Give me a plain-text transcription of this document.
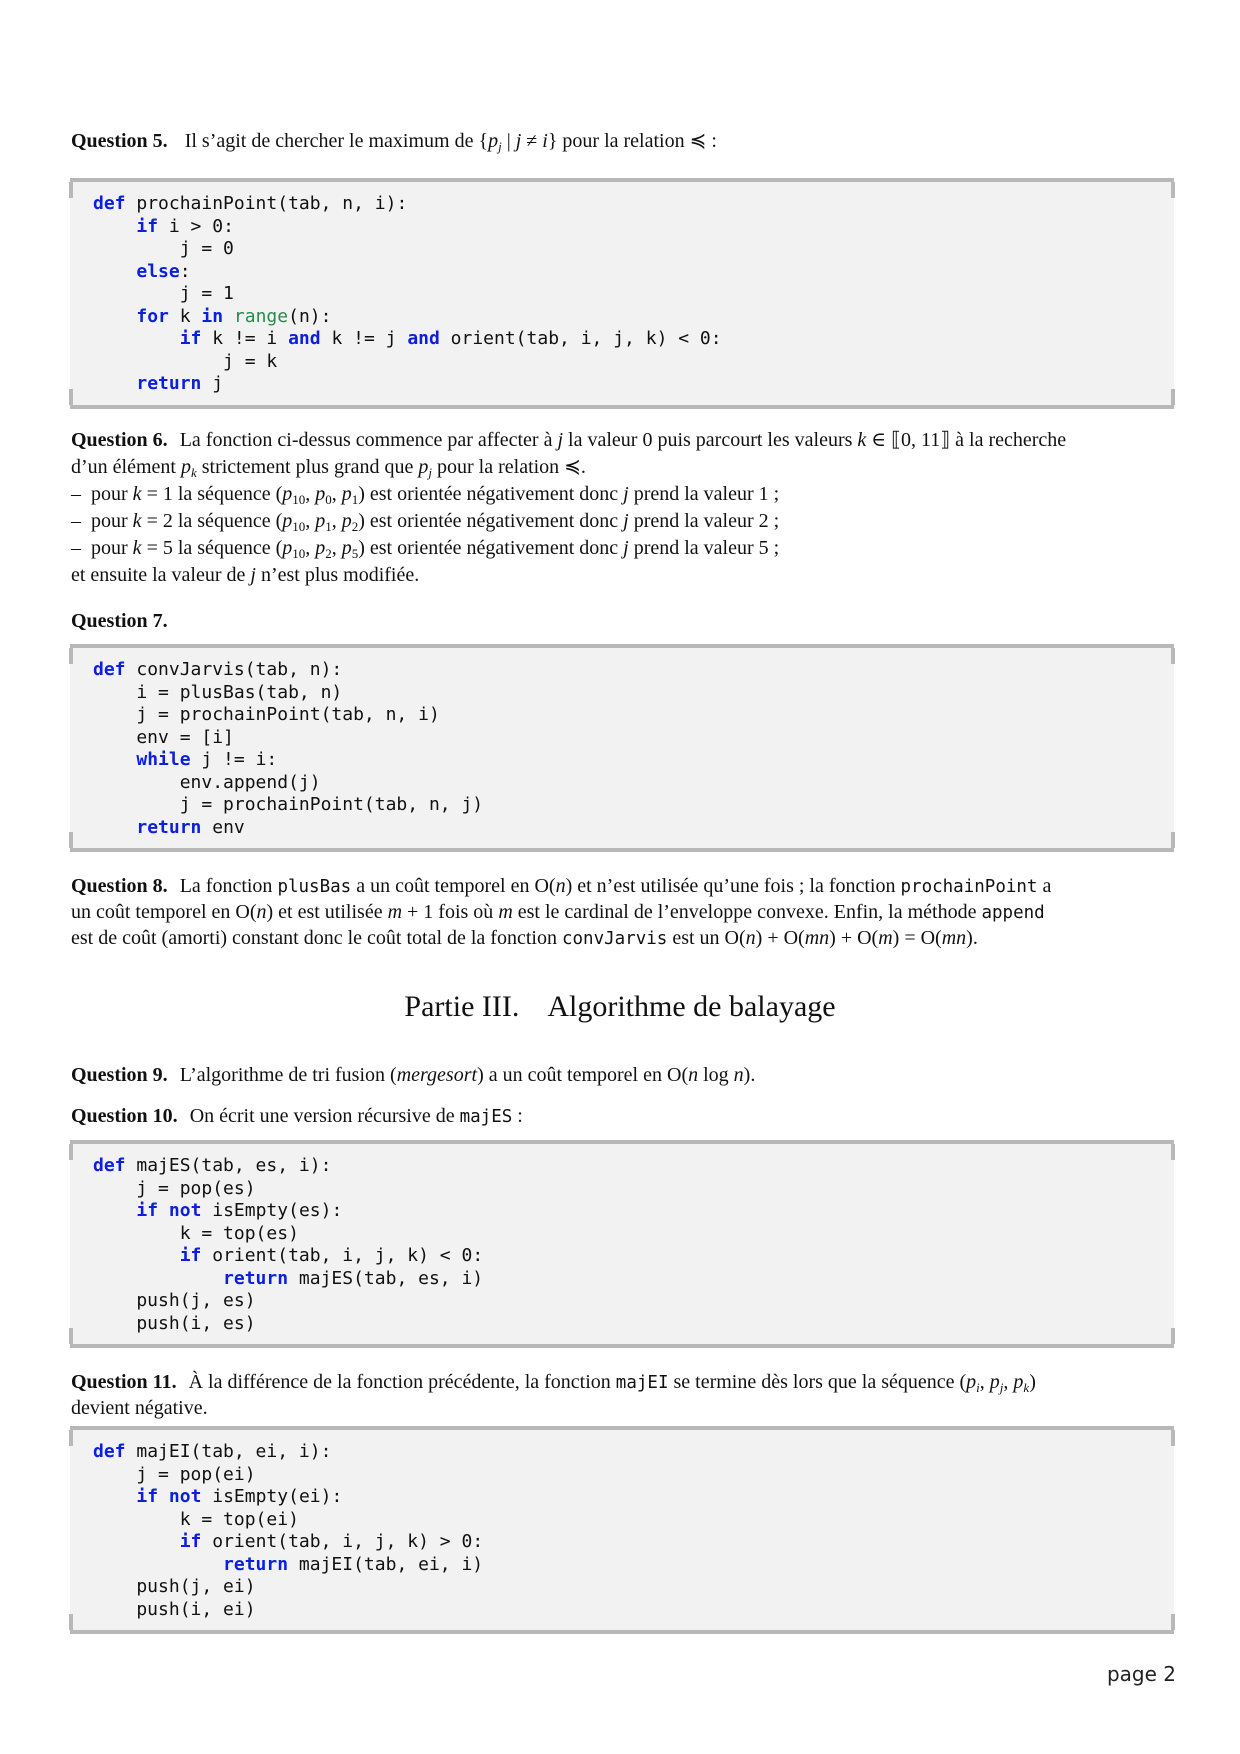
Question 5. Il s’agit de chercher le maximum de {$p_j$ | j ≠ i} pour la relation ≼ :
def prochainPoint(tab, n, i):
if i > 0:
j = 0
else:
j = 1
for k in range(n):
if k != i and k != j and orient(tab, i, j, k) < 0:
j = k
return j
Question 6. La fonction ci-dessus commence par affecter à j la valeur 0 puis parcourt les valeurs k ∈ ⟦0, 11⟧ à la recherche
d’un élément $p_k$ strictement plus grand que $p_j$ pour la relation ≼.
– pour k = 1 la séquence ($p_{10}$, $p_0$, $p_1$) est orientée négativement donc j prend la valeur 1 ;
– pour k = 2 la séquence ($p_{10}$, $p_1$, $p_2$) est orientée négativement donc j prend la valeur 2 ;
– pour k = 5 la séquence ($p_{10}$, $p_2$, $p_5$) est orientée négativement donc j prend la valeur 5 ;
et ensuite la valeur de j n’est plus modifiée.
Question 7.
def convJarvis(tab, n):
i = plusBas(tab, n)
j = prochainPoint(tab, n, i)
env = [i]
while j != i:
env.append(j)
j = prochainPoint(tab, n, j)
return env
Question 8. La fonction plusBas a un coût temporel en O(n) et n’est utilisée qu’une fois ; la fonction prochainPoint a
un coût temporel en O(n) et est utilisée m + 1 fois où m est le cardinal de l’enveloppe convexe. Enfin, la méthode append
est de coût (amorti) constant donc le coût total de la fonction convJarvis est un O(n) + O(mn) + O(m) = O(mn).
Partie III. Algorithme de balayage
Question 9. L’algorithme de tri fusion (mergesort) a un coût temporel en O(n log n).
Question 10. On écrit une version récursive de majES :
def majES(tab, es, i):
j = pop(es)
if not isEmpty(es):
k = top(es)
if orient(tab, i, j, k) < 0:
return majES(tab, es, i)
push(j, es)
push(i, es)
Question 11. À la différence de la fonction précédente, la fonction majEI se termine dès lors que la séquence ($p_i$, $p_j$, $p_k$)
devient négative.
def majEI(tab, ei, i):
j = pop(ei)
if not isEmpty(ei):
k = top(ei)
if orient(tab, i, j, k) > 0:
return majEI(tab, ei, i)
push(j, ei)
push(i, ei)
page 2
